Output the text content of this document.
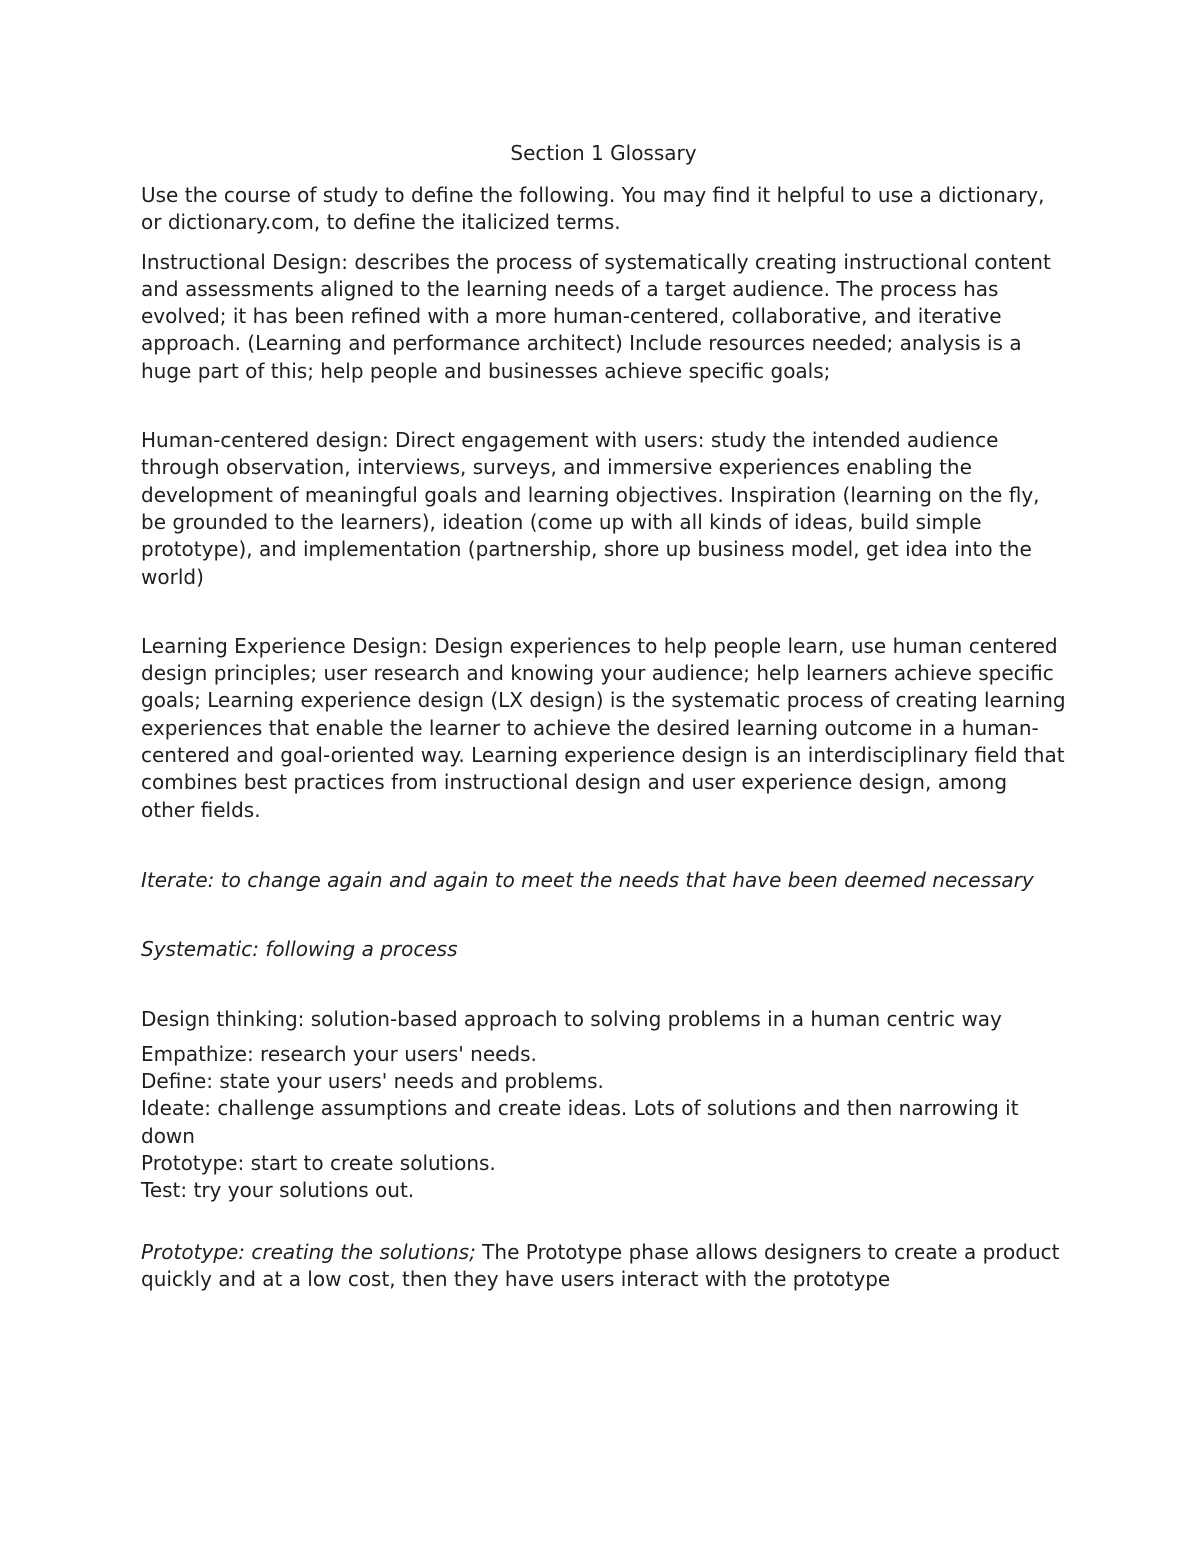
Section 1 Glossary

Use the course of study to define the following. You may find it helpful to use a dictionary, or dictionary.com, to define the italicized terms.

Instructional Design: describes the process of systematically creating instructional content and assessments aligned to the learning needs of a target audience. The process has evolved; it has been refined with a more human-centered, collaborative, and iterative approach. (Learning and performance architect) Include resources needed; analysis is a huge part of this; help people and businesses achieve specific goals;

Human-centered design: Direct engagement with users: study the intended audience through observation, interviews, surveys, and immersive experiences enabling the development of meaningful goals and learning objectives. Inspiration (learning on the fly, be grounded to the learners), ideation (come up with all kinds of ideas, build simple prototype), and implementation (partnership, shore up business model, get idea into the world)

Learning Experience Design: Design experiences to help people learn, use human centered design principles; user research and knowing your audience; help learners achieve specific goals; Learning experience design (LX design) is the systematic process of creating learning experiences that enable the learner to achieve the desired learning outcome in a human-centered and goal-oriented way. Learning experience design is an interdisciplinary field that combines best practices from instructional design and user experience design, among other fields.

Iterate: to change again and again to meet the needs that have been deemed necessary

Systematic: following a process

Design thinking: solution-based approach to solving problems in a human centric way

Empathize: research your users' needs.
Define: state your users' needs and problems.
Ideate: challenge assumptions and create ideas. Lots of solutions and then narrowing it down
Prototype: start to create solutions.
Test: try your solutions out.

Prototype: creating the solutions; The Prototype phase allows designers to create a product quickly and at a low cost, then they have users interact with the prototype
